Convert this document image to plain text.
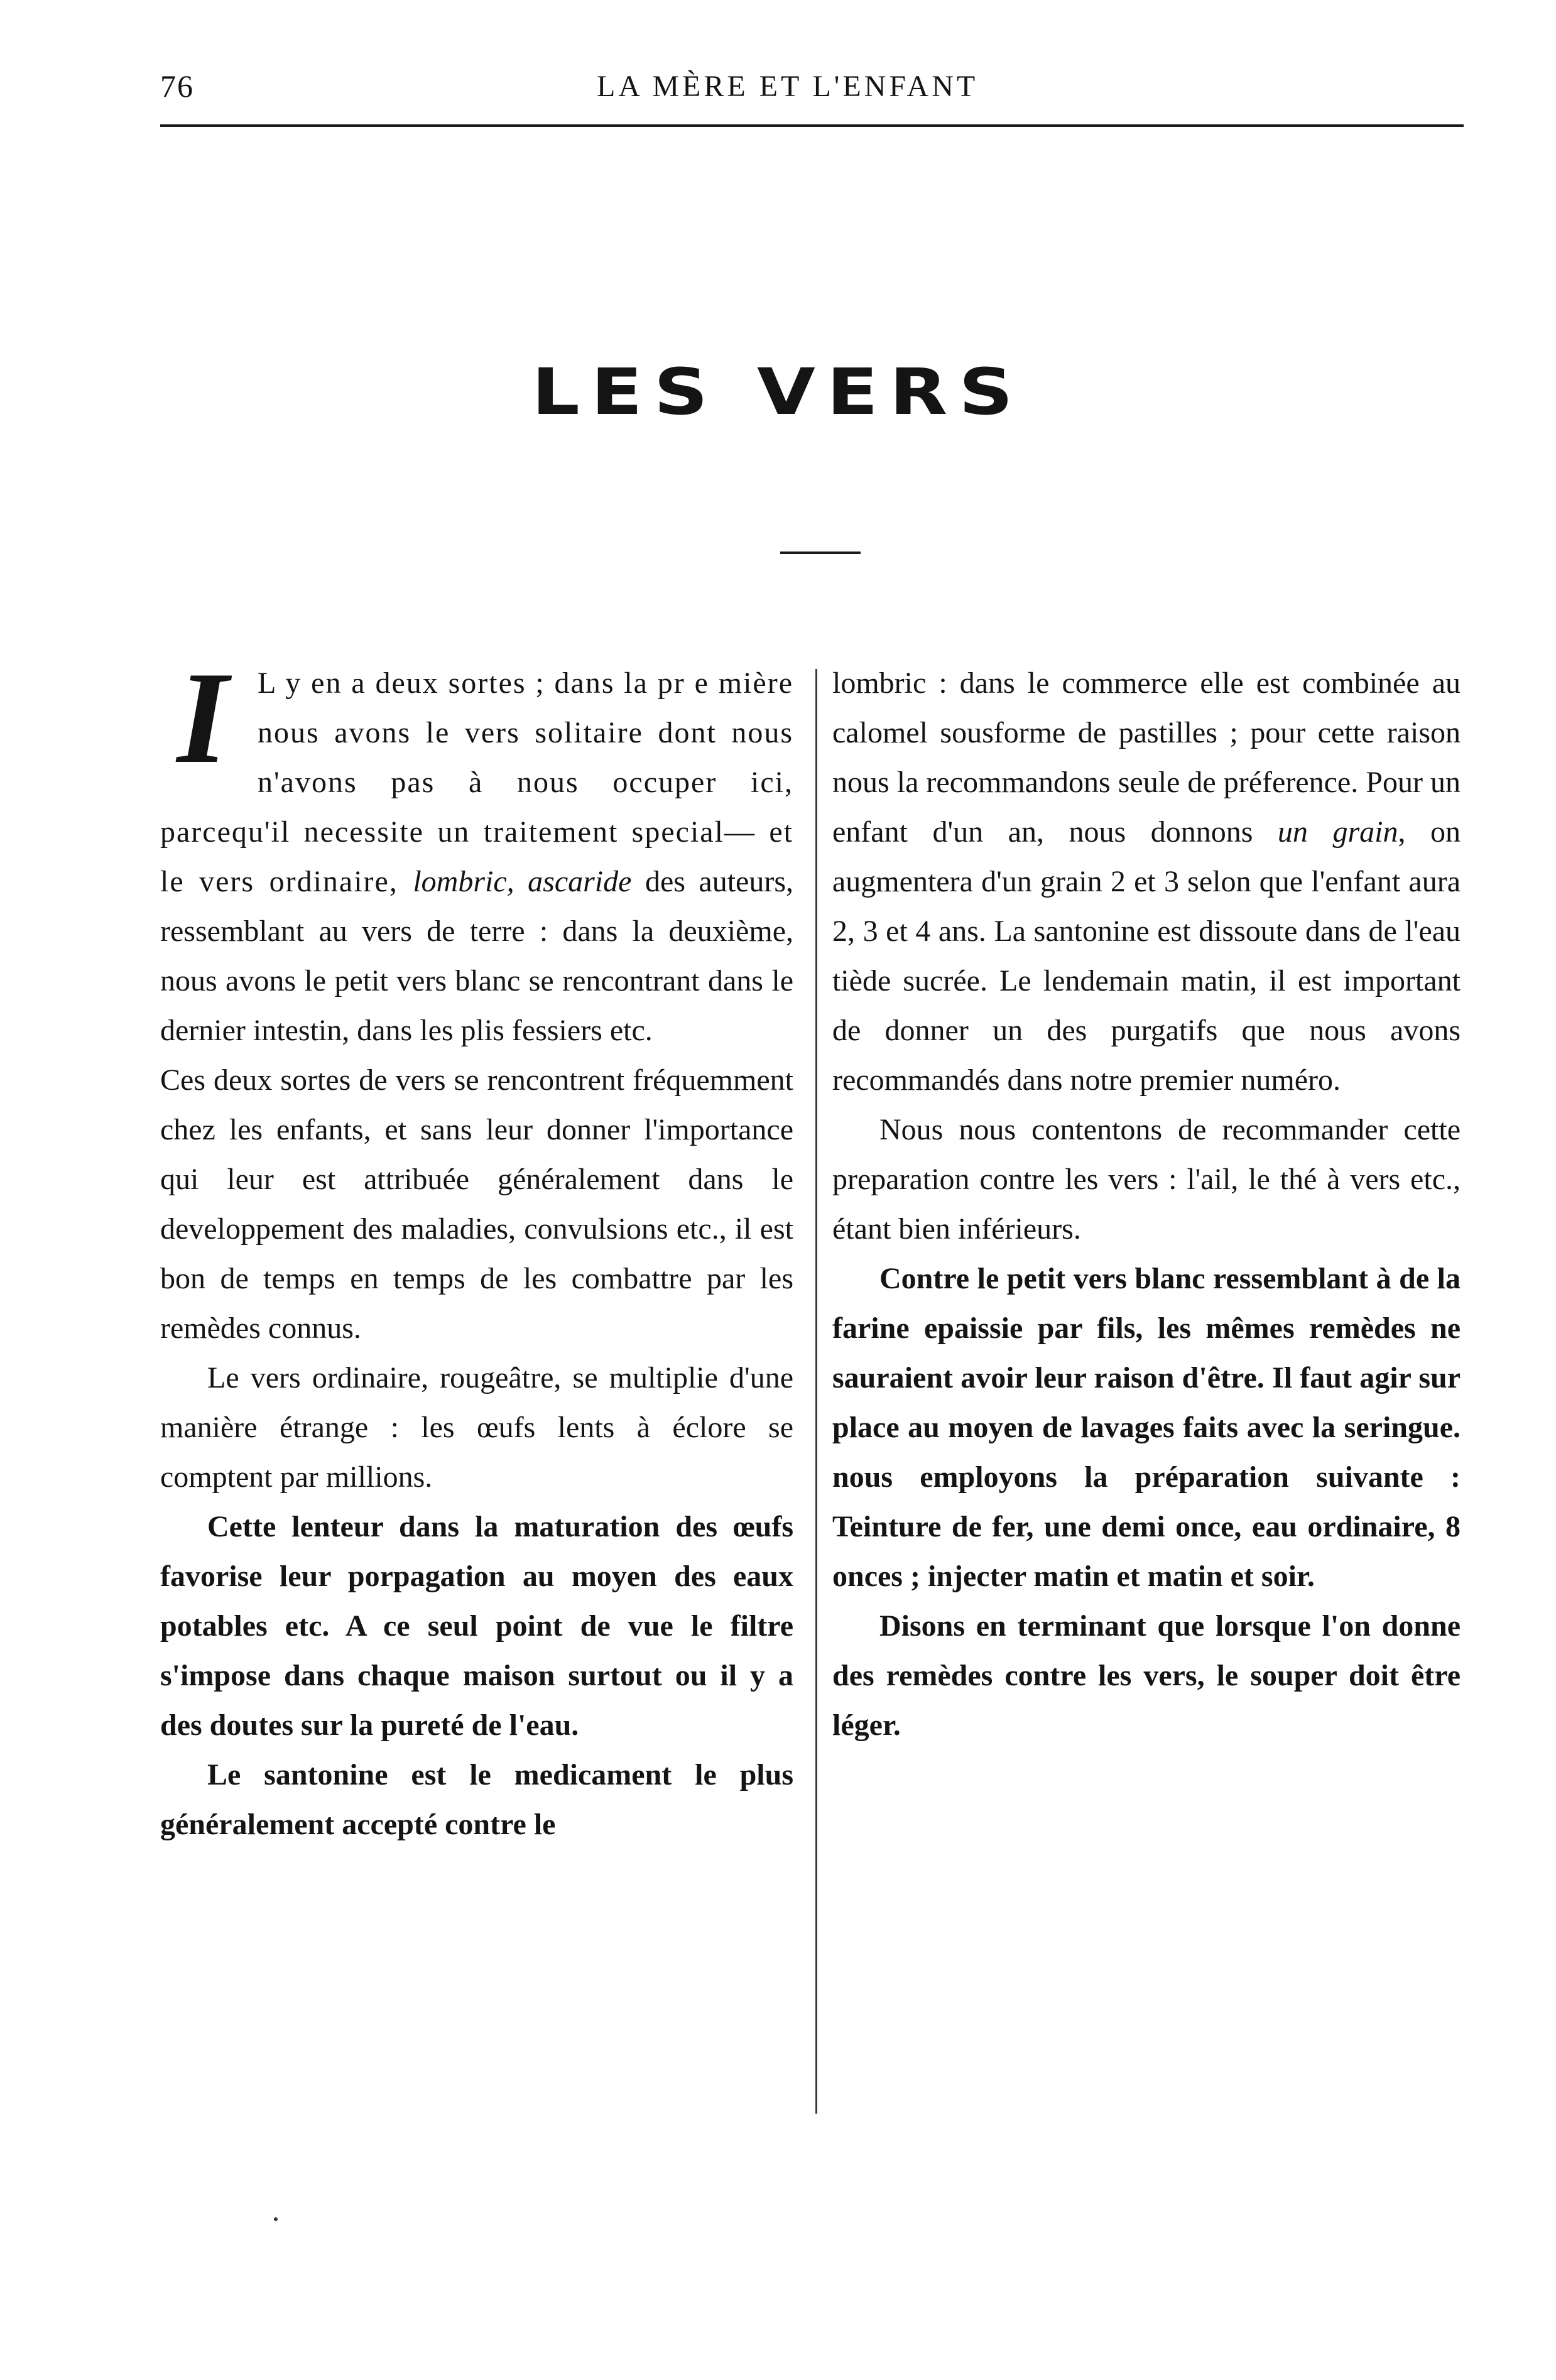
76	LA MÈRE ET L'ENFANT
LES VERS

I L y en a deux sortes ; dans la pr e mière nous avons le vers solitaire dont nous n'avons pas à nous occuper ici, parcequ'il necessite un traitement special— et le vers ordinaire, lombric, ascaride des auteurs, ressemblant au vers de terre : dans la deuxième, nous avons le petit vers blanc se rencontrant dans le dernier intestin, dans les plis fessiers etc.

Ces deux sortes de vers se rencontrent fréquemment chez les enfants, et sans leur donner l'importance qui leur est attribuée généralement dans le developpement des maladies, convulsions etc., il est bon de temps en temps de les combattre par les remèdes connus.

Le vers ordinaire, rougeâtre, se multiplie d'une manière étrange : les œufs lents à éclore se comptent par millions.

Cette lenteur dans la maturation des œufs favorise leur porpagation au moyen des eaux potables etc. A ce seul point de vue le filtre s'impose dans chaque maison surtout ou il y a des doutes sur la pureté de l'eau.

Le santonine est le medicament le plus généralement accepté contre le

lombric : dans le commerce elle est combinée au calomel sousforme de pastilles ; pour cette raison nous la recommandons seule de préference. Pour un enfant d'un an, nous donnons un grain, on augmentera d'un grain 2 et 3 selon que l'enfant aura 2, 3 et 4 ans. La santonine est dissoute dans de l'eau tiède sucrée. Le lendemain matin, il est important de donner un des purgatifs que nous avons recommandés dans notre premier numéro.

Nous nous contentons de recommander cette preparation contre les vers : l'ail, le thé à vers etc., étant bien inférieurs.

Contre le petit vers blanc ressemblant à de la farine epaissie par fils, les mêmes remèdes ne sauraient avoir leur raison d'être. Il faut agir sur place au moyen de lavages faits avec la seringue. nous employons la préparation suivante : Teinture de fer, une demi once, eau ordinaire, 8 onces ; injecter matin et matin et soir.

Disons en terminant que lorsque l'on donne des remèdes contre les vers, le souper doit être léger.
